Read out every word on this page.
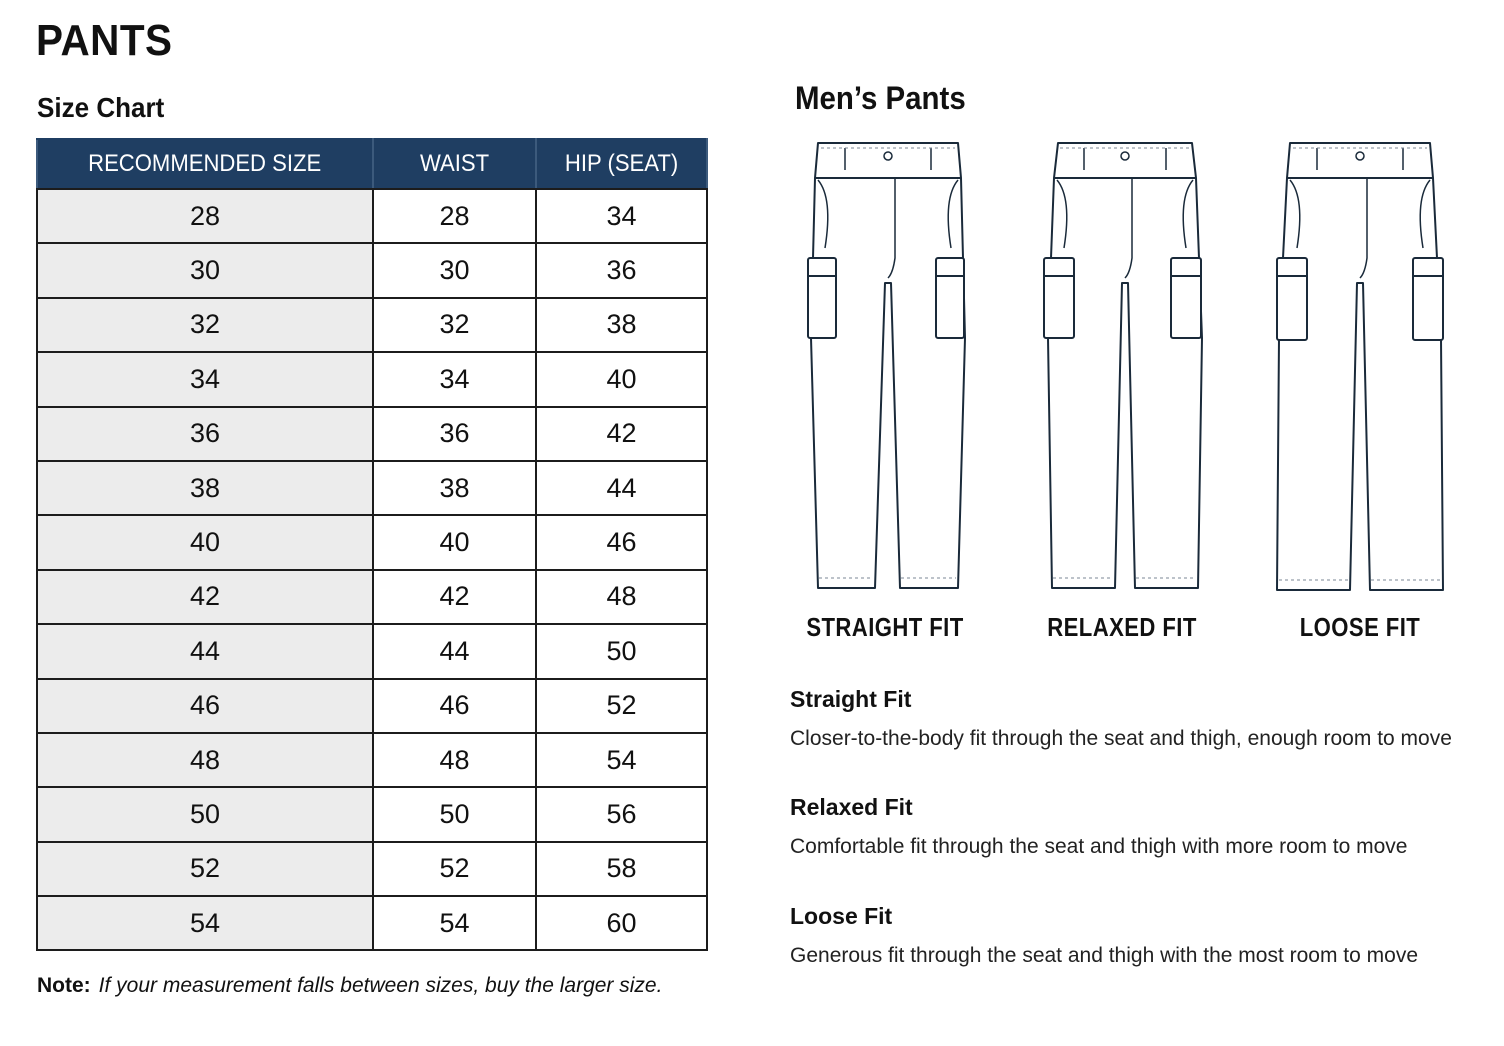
PANTS
Size Chart
RECOMMENDED SIZE	WAIST	HIP (SEAT)
28	28	34
30	30	36
32	32	38
34	34	40
36	36	42
38	38	44
40	40	46
42	42	48
44	44	50
46	46	52
48	48	54
50	50	56
52	52	58
54	54	60
Note: If your measurement falls between sizes, buy the larger size.
Men’s Pants
STRAIGHT FIT	RELAXED FIT	LOOSE FIT
Straight Fit
Closer-to-the-body fit through the seat and thigh, enough room to move
Relaxed Fit
Comfortable fit through the seat and thigh with more room to move
Loose Fit
Generous fit through the seat and thigh with the most room to move
